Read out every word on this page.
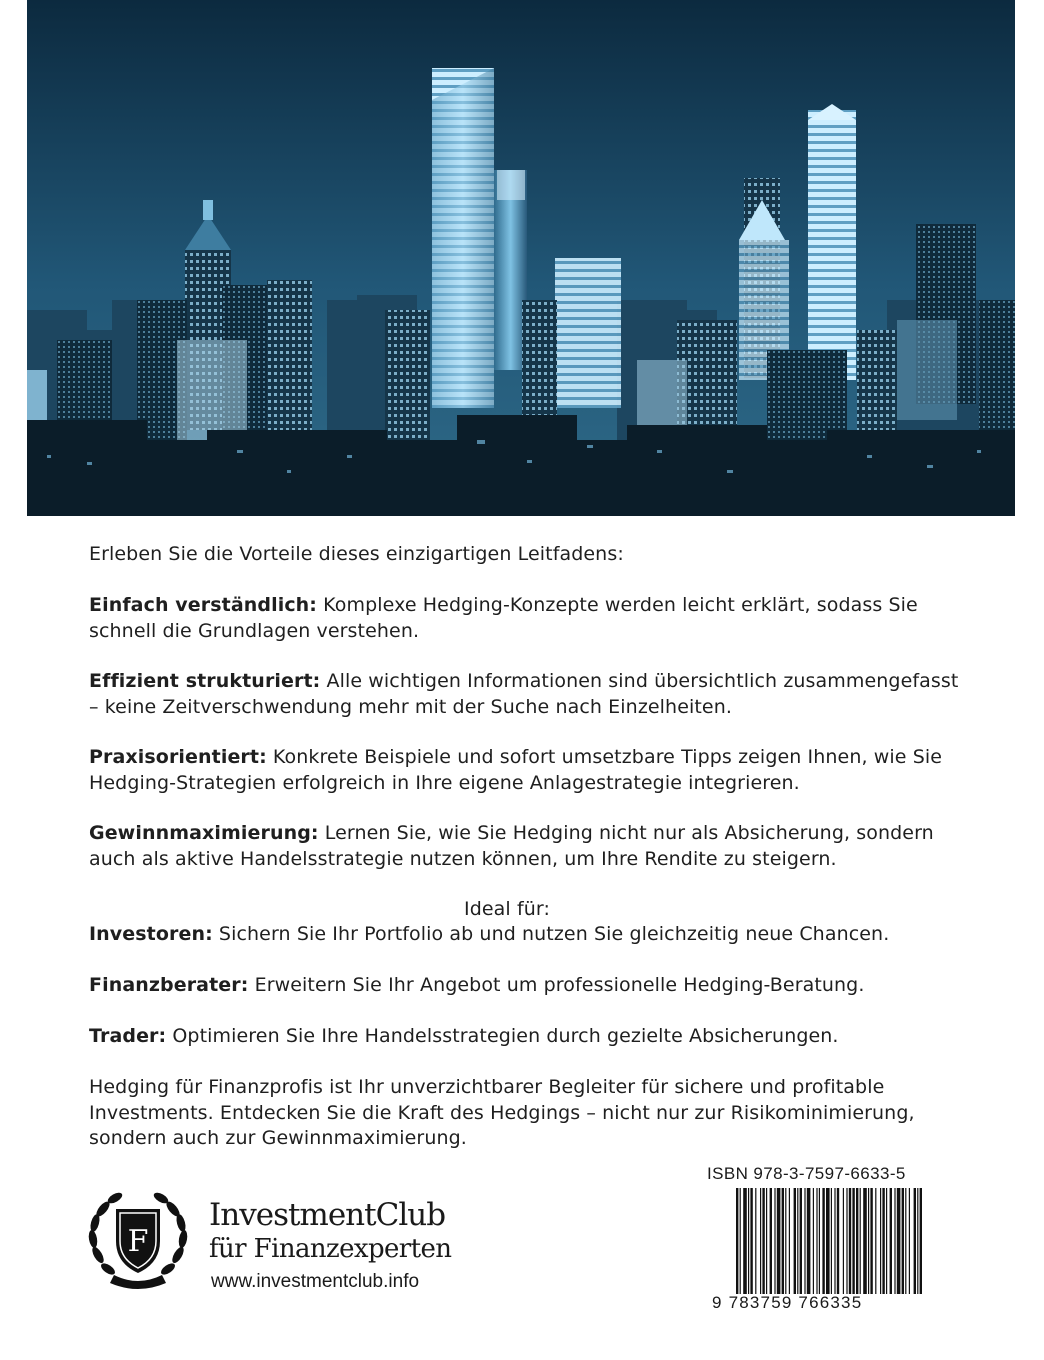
Erleben Sie die Vorteile dieses einzigartigen Leitfadens:
Einfach verständlich: Komplexe Hedging-Konzepte werden leicht erklärt, sodass Sie schnell die Grundlagen verstehen.
Effizient strukturiert: Alle wichtigen Informationen sind übersichtlich zusammengefasst – keine Zeitverschwendung mehr mit der Suche nach Einzelheiten.
Praxisorientiert: Konkrete Beispiele und sofort umsetzbare Tipps zeigen Ihnen, wie Sie Hedging-Strategien erfolgreich in Ihre eigene Anlagestrategie integrieren.
Gewinnmaximierung: Lernen Sie, wie Sie Hedging nicht nur als Absicherung, sondern auch als aktive Handelsstrategie nutzen können, um Ihre Rendite zu steigern.
Ideal für:
Investoren: Sichern Sie Ihr Portfolio ab und nutzen Sie gleichzeitig neue Chancen.
Finanzberater: Erweitern Sie Ihr Angebot um professionelle Hedging-Beratung.
Trader: Optimieren Sie Ihre Handelsstrategien durch gezielte Absicherungen.
Hedging für Finanzprofis ist Ihr unverzichtbarer Begleiter für sichere und profitable Investments. Entdecken Sie die Kraft des Hedgings – nicht nur zur Risikominimierung, sondern auch zur Gewinnmaximierung.
F
InvestmentClub
für Finanzexperten
www.investmentclub.info
ISBN 978-3-7597-6633-5
9 783759 766335
